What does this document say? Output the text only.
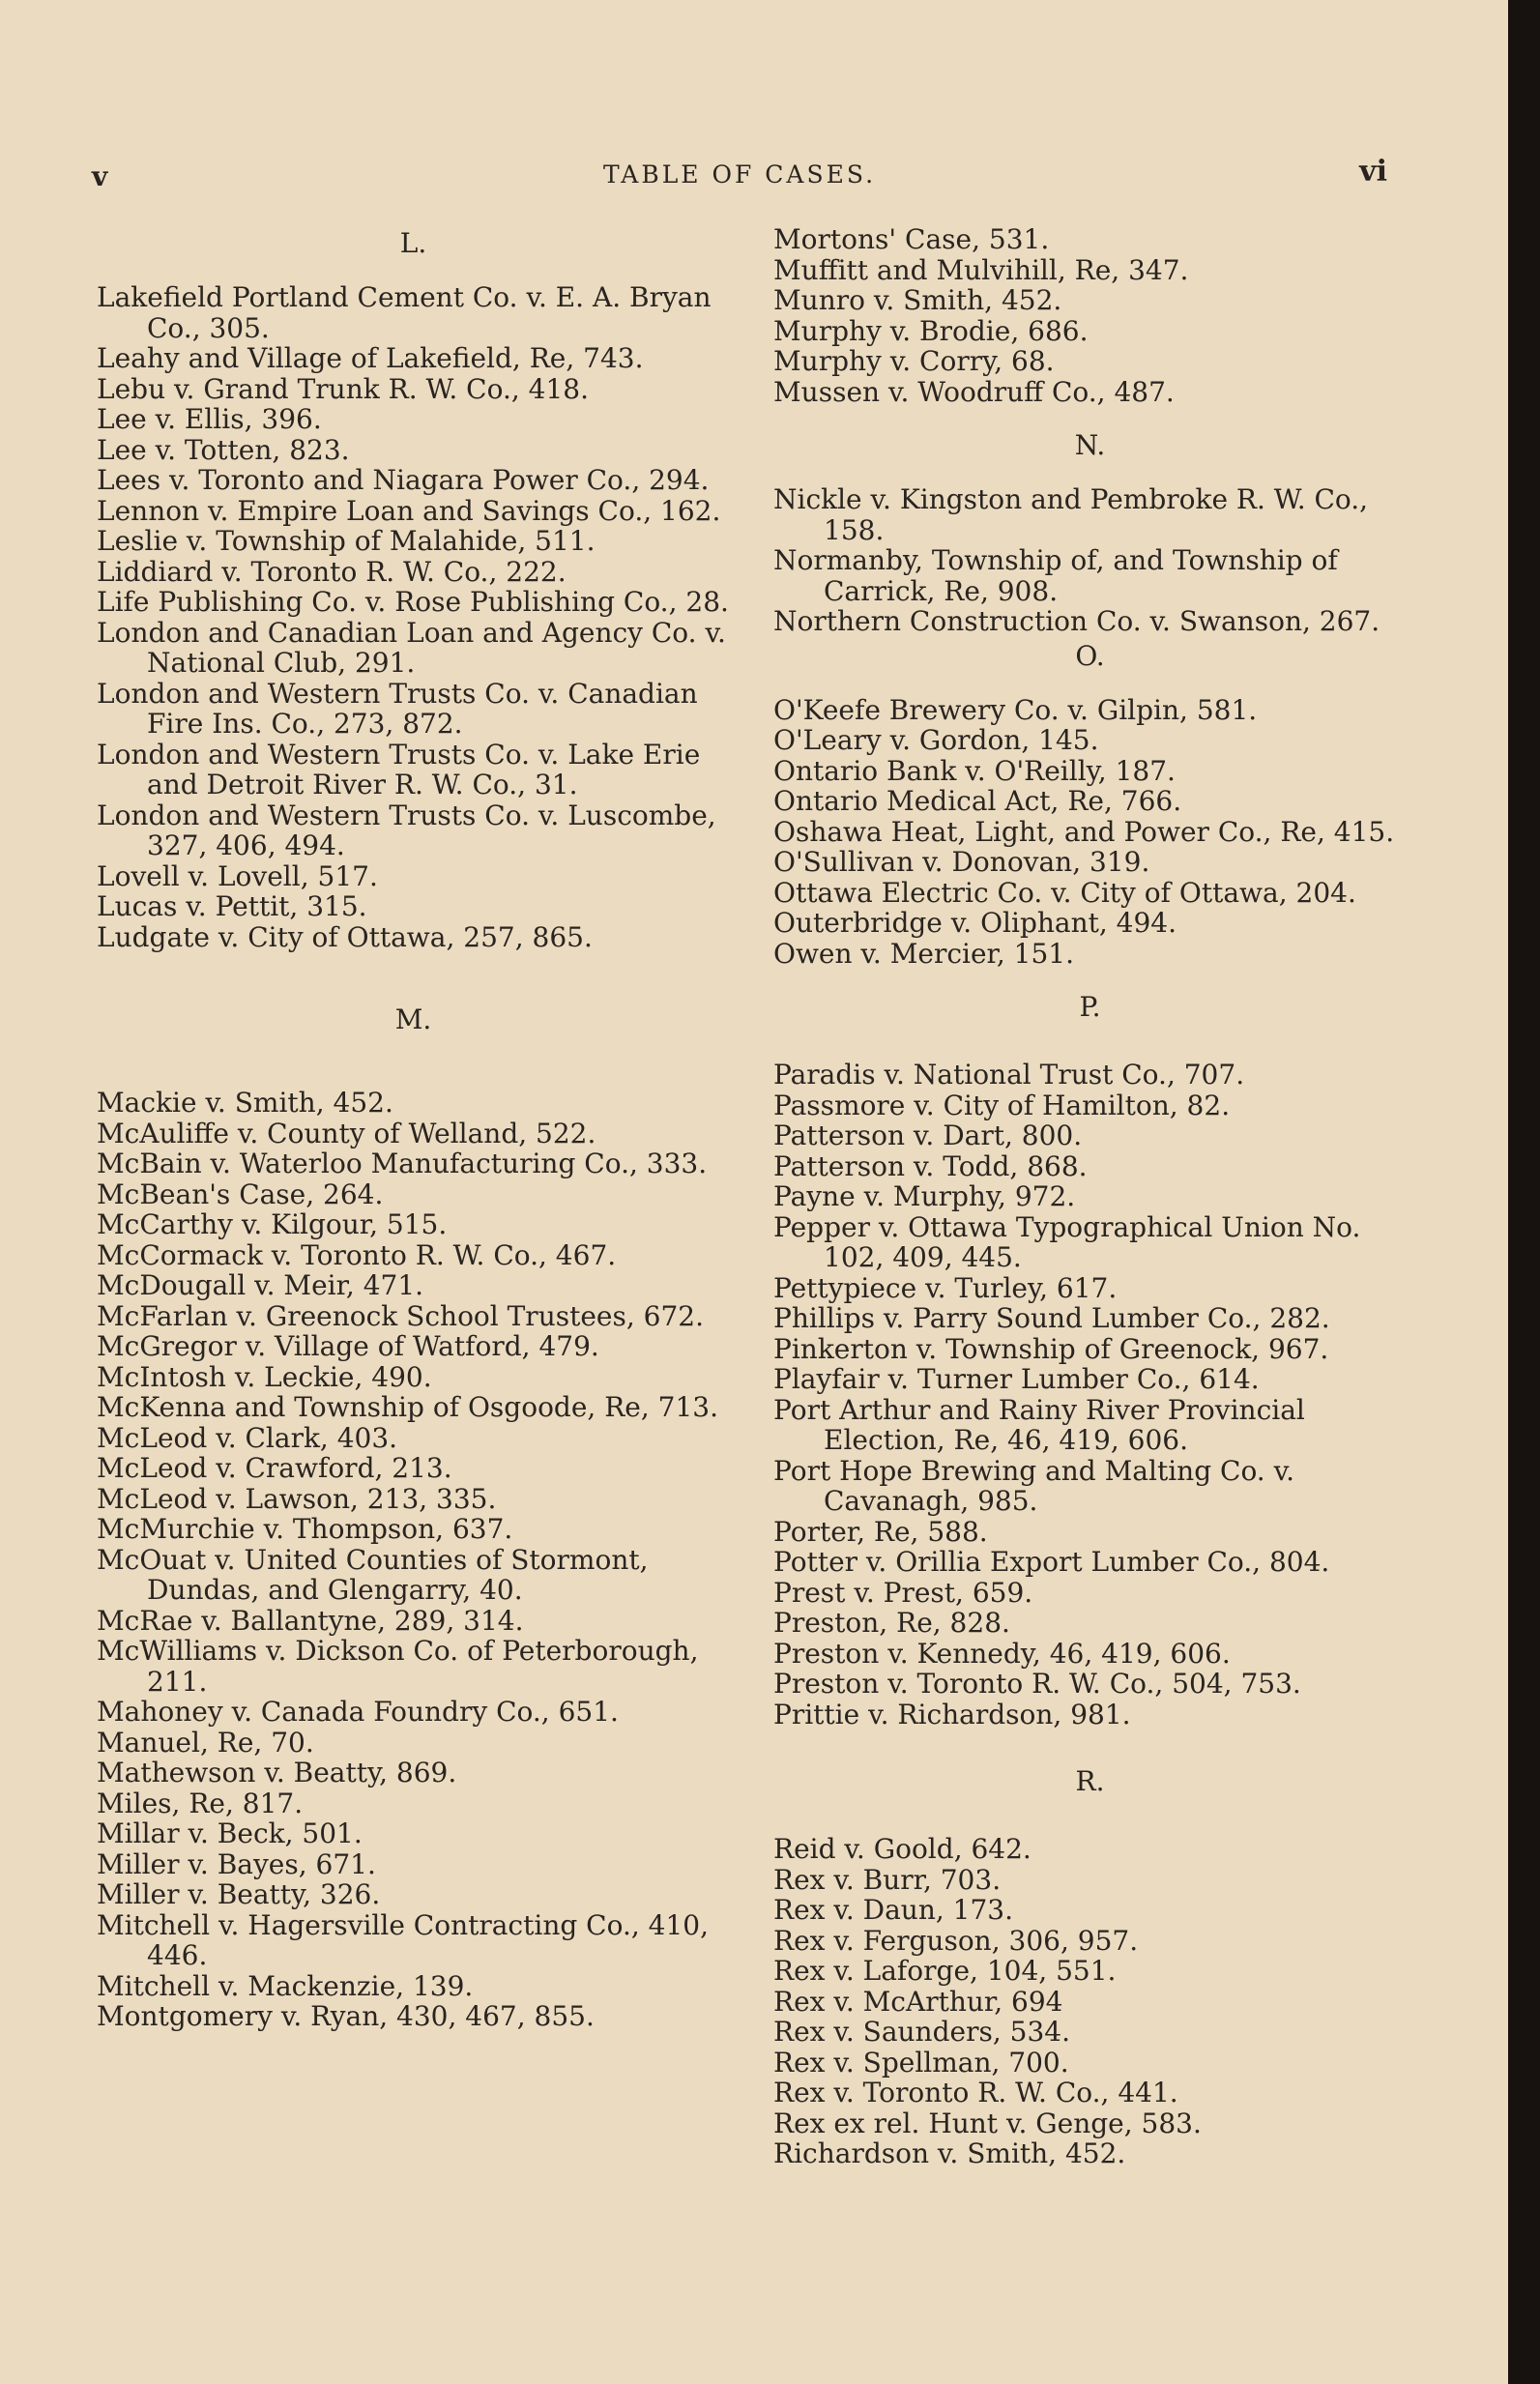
v	TABLE OF CASES.	vi
L.

Lakefield Portland Cement Co. v. E. A. Bryan Co., 305.

Leahy and Village of Lakefield, Re, 743.

Lebu v. Grand Trunk R. W. Co., 418.

Lee v. Ellis, 396.

Lee v. Totten, 823.

Lees v. Toronto and Niagara Power Co., 294.

Lennon v. Empire Loan and Savings Co., 162.

Leslie v. Township of Malahide, 511.

Liddiard v. Toronto R. W. Co., 222.

Life Publishing Co. v. Rose Publishing Co., 28.

London and Canadian Loan and Agency Co. v. National Club, 291.

London and Western Trusts Co. v. Canadian Fire Ins. Co., 273, 872.

London and Western Trusts Co. v. Lake Erie and Detroit River R. W. Co., 31.

London and Western Trusts Co. v. Luscombe, 327, 406, 494.

Lovell v. Lovell, 517.

Lucas v. Pettit, 315.

Ludgate v. City of Ottawa, 257, 865.

M.

Mackie v. Smith, 452.

McAuliffe v. County of Welland, 522.

McBain v. Waterloo Manufacturing Co., 333.

McBean's Case, 264.

McCarthy v. Kilgour, 515.

McCormack v. Toronto R. W. Co., 467.

McDougall v. Meir, 471.

McFarlan v. Greenock School Trustees, 672.

McGregor v. Village of Watford, 479.

McIntosh v. Leckie, 490.

McKenna and Township of Osgoode, Re, 713.

McLeod v. Clark, 403.

McLeod v. Crawford, 213.

McLeod v. Lawson, 213, 335.

McMurchie v. Thompson, 637.

McOuat v. United Counties of Stormont, Dundas, and Glengarry, 40.

McRae v. Ballantyne, 289, 314.

McWilliams v. Dickson Co. of Peterborough, 211.

Mahoney v. Canada Foundry Co., 651.

Manuel, Re, 70.

Mathewson v. Beatty, 869.

Miles, Re, 817.

Millar v. Beck, 501.

Miller v. Bayes, 671.

Miller v. Beatty, 326.

Mitchell v. Hagersville Contracting Co., 410, 446.

Mitchell v. Mackenzie, 139.

Montgomery v. Ryan, 430, 467, 855.

Mortons' Case, 531.

Muffitt and Mulvihill, Re, 347.

Munro v. Smith, 452.

Murphy v. Brodie, 686.

Murphy v. Corry, 68.

Mussen v. Woodruff Co., 487.

N.

Nickle v. Kingston and Pembroke R. W. Co., 158.

Normanby, Township of, and Township of Carrick, Re, 908.

Northern Construction Co. v. Swanson, 267.

O.

O'Keefe Brewery Co. v. Gilpin, 581.

O'Leary v. Gordon, 145.

Ontario Bank v. O'Reilly, 187.

Ontario Medical Act, Re, 766.

Oshawa Heat, Light, and Power Co., Re, 415.

O'Sullivan v. Donovan, 319.

Ottawa Electric Co. v. City of Ottawa, 204.

Outerbridge v. Oliphant, 494.

Owen v. Mercier, 151.

P.

Paradis v. National Trust Co., 707.

Passmore v. City of Hamilton, 82.

Patterson v. Dart, 800.

Patterson v. Todd, 868.

Payne v. Murphy, 972.

Pepper v. Ottawa Typographical Union No. 102, 409, 445.

Pettypiece v. Turley, 617.

Phillips v. Parry Sound Lumber Co., 282.

Pinkerton v. Township of Greenock, 967.

Playfair v. Turner Lumber Co., 614.

Port Arthur and Rainy River Provincial Election, Re, 46, 419, 606.

Port Hope Brewing and Malting Co. v. Cavanagh, 985.

Porter, Re, 588.

Potter v. Orillia Export Lumber Co., 804.

Prest v. Prest, 659.

Preston, Re, 828.

Preston v. Kennedy, 46, 419, 606.

Preston v. Toronto R. W. Co., 504, 753.

Prittie v. Richardson, 981.

R.

Reid v. Goold, 642.

Rex v. Burr, 703.

Rex v. Daun, 173.

Rex v. Ferguson, 306, 957.

Rex v. Laforge, 104, 551.

Rex v. McArthur, 694

Rex v. Saunders, 534.

Rex v. Spellman, 700.

Rex v. Toronto R. W. Co., 441.

Rex ex rel. Hunt v. Genge, 583.

Richardson v. Smith, 452.
